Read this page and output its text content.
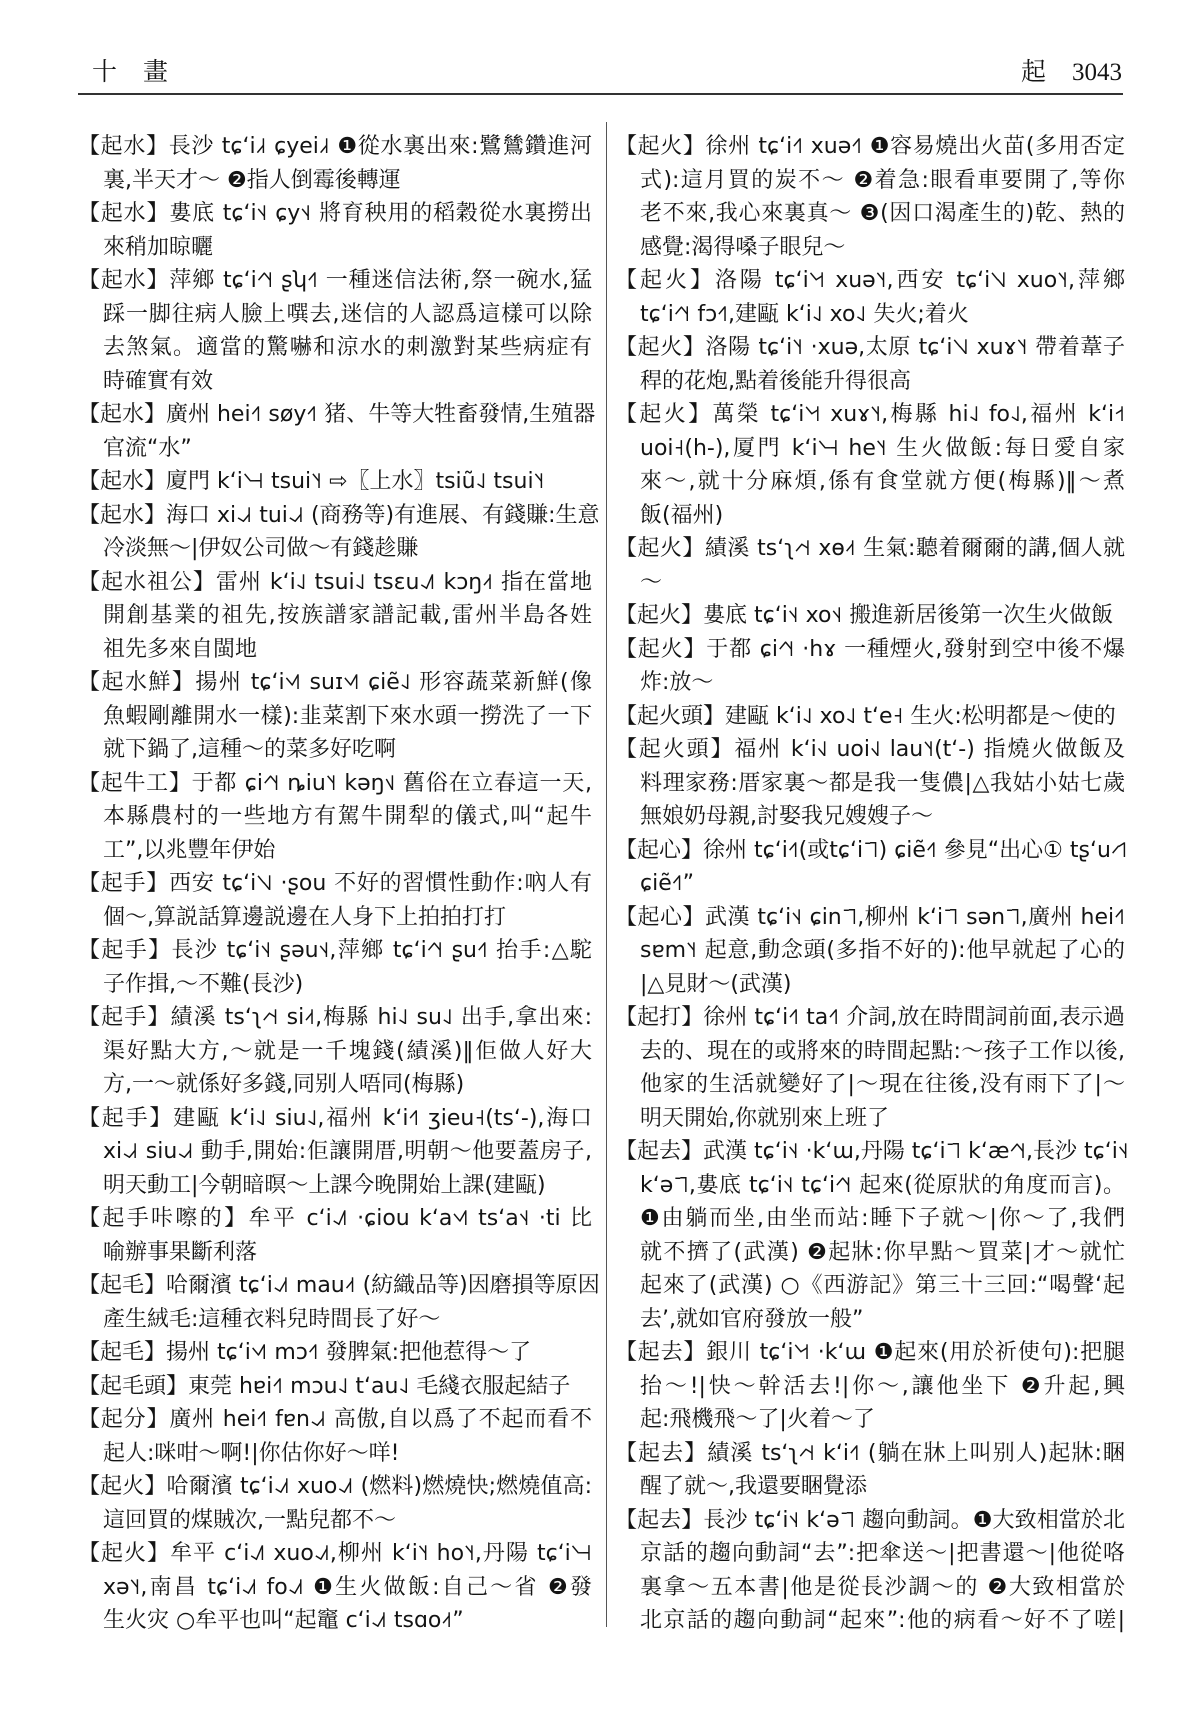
十 畫	起 3043
【起水】長沙 tɕʻi˩˧ ɕyei˩˧ ❶從水裏出來:鷺鷥鑽進河
裏,半天才～ ❷指人倒霉後轉運
【起水】婁底 tɕʻi˦˨ ɕy˦˨ 將育秧用的稻穀從水裏撈出
來稍加晾曬
【起水】萍鄉 tɕʻi˧˥˧ ʂʮ˧˥ 一種迷信法術,祭一碗水,猛
踩一脚往病人臉上噀去,迷信的人認爲這樣可以除
去煞氣。適當的驚嚇和涼水的刺激對某些病症有
時確實有效
【起水】廣州 hei˧˥ søy˧˥ 猪、牛等大牲畜發情,生殖器
官流“水”
【起水】廈門 kʻi˥˧˧ tsui˥˧ ⇨〖上水〗tsiũ˨˩ tsui˥˧
【起水】海口 xi˨˩˧ tui˨˩˧ (商務等)有進展、有錢賺:生意
冷淡無～|伊奴公司做～有錢趁賺
【起水祖公】雷州 kʻi˨˩ tsui˨˩ tsɛu˨˩˥ kɔŋ˨˦ 指在當地
開創基業的祖先,按族譜家譜記載,雷州半島各姓
祖先多來自閩地
【起水鮮】揚州 tɕʻi˦˨˥ suɪ˦˨˥ ɕiẽ˨˩ 形容蔬菜新鮮(像
魚蝦剛離開水一樣):韭菜割下來水頭一撈洗了一下
就下鍋了,這種～的菜多好吃啊
【起牛工】于都 ɕi˧˥˧ ȵiu˥˧ kəŋ˦˩ 舊俗在立春這一天,
本縣農村的一些地方有駕牛開犁的儀式,叫“起牛
工”,以兆豐年伊始
【起手】西安 tɕʻi˥˧˩ ·ʂou 不好的習慣性動作:吶人有
個～,算説話算邊説邊在人身下上拍拍打打
【起手】長沙 tɕʻi˦˨ ʂəu˦˨,萍鄉 tɕʻi˧˥˧ ʂu˧˥ 抬手:△駝
子作揖,～不難(長沙)
【起手】績溪 tsʻʅ˨˦˧ si˨˦,梅縣 hi˨˩ su˨˩ 出手,拿出來:
渠好點大方,～就是一千塊錢(績溪)‖佢做人好大
方,一～就係好多錢,同别人唔同(梅縣)
【起手】建甌 kʻi˨˩ siu˨˩,福州 kʻi˧˥ ʒieu˧(tsʻ-),海口
xi˨˩˧ siu˨˩˧ 動手,開始:佢讓開厝,明朝～他要蓋房子,
明天動工|今朝暗暝～上課今晚開始上課(建甌)
【起手咔嚓的】牟平 cʻi˨˩˥ ·ɕiou kʻa˦˨˥ tsʻa˦˨ ·ti 比
喻辦事果斷利落
【起毛】哈爾濱 tɕʻi˨˩˦ mau˨˦ (紡織品等)因磨損等原因
產生絨毛:這種衣料兒時間長了好～
【起毛】揚州 tɕʻi˦˨˥ mɔ˧˥ 發脾氣:把他惹得～了
【起毛頭】東莞 hɐi˧˥ mɔu˨˩ tʻau˨˩ 毛綫衣服起結子
【起分】廣州 hei˧˥ fɐn˨˩˧ 高傲,自以爲了不起而看不
起人:咪咁～啊!|你估你好～咩!
【起火】哈爾濱 tɕʻi˨˩˦ xuo˨˩˦ (燃料)燃燒快;燃燒值高:
這回買的煤賊次,一點兒都不～
【起火】牟平 cʻi˨˩˥ xuo˨˩˦,柳州 kʻi˥˧ ho˥˧,丹陽 tɕʻi˥˧˧
xə˥˧,南昌 tɕʻi˨˩˦ fo˨˩˦ ❶生火做飯:自己～省 ❷發
生火灾 ○牟平也叫“起竈 cʻi˨˩˦ tsɑo˨˦”
【起火】徐州 tɕʻi˧˥ xuə˧˥ ❶容易燒出火苗(多用否定
式):這月買的炭不～ ❷着急:眼看車要開了,等你
老不來,我心來裏真～ ❸(因口渴產生的)乾、熱的
感覺:渴得嗓子眼兒～
【起火】洛陽 tɕʻi˥˧˦ xuə˥˧,西安 tɕʻi˥˧˩ xuo˥˧,萍鄉
tɕʻi˧˥˧ fɔ˧˥,建甌 kʻi˨˩ xo˨˩ 失火;着火
【起火】洛陽 tɕʻi˥˧ ·xuə,太原 tɕʻi˥˧˩ xuɤ˥˧ 帶着葦子
稈的花炮,點着後能升得很高
【起火】萬榮 tɕʻi˥˧˦ xuɤ˥˧,梅縣 hi˨˩ fo˨˩,福州 kʻi˧˦
uoi˧(h-),厦門 kʻi˥˧˧ he˥˧ 生火做飯:每日愛自家
來～,就十分麻煩,係有食堂就方便(梅縣)‖～煮
飯(福州)
【起火】績溪 tsʻʅ˨˦˧ xɵ˨˦ 生氣:聽着爾爾的講,個人就
～
【起火】婁底 tɕʻi˦˨ xo˦˨ 搬進新居後第一次生火做飯
【起火】于都 ɕi˧˥˧ ·hɤ 一種煙火,發射到空中後不爆
炸:放～
【起火頭】建甌 kʻi˨˩ xo˨˩ tʻe˧ 生火:松明都是～使的
【起火頭】福州 kʻi˧˩ uoi˧˩ lau˥˧(tʻ-) 指燒火做飯及
料理家務:厝家裏～都是我一隻儂|△我姑小姑七歲
無娘奶母親,討娶我兄嫂嫂子～
【起心】徐州 tɕʻi˧˥(或tɕʻi˥˥) ɕiẽ˧˥ 參見“出心① tʂʻu˨˦˥
ɕiẽ˧˥”
【起心】武漢 tɕʻi˦˨ ɕin˥˥,柳州 kʻi˥˥ sən˥˥,廣州 hei˧˥
sɐm˥˧ 起意,動念頭(多指不好的):他早就起了心的
|△見財～(武漢)
【起打】徐州 tɕʻi˧˥ ta˧˥ 介詞,放在時間詞前面,表示過
去的、現在的或將來的時間起點:～孩子工作以後,
他家的生活就變好了|～現在往後,没有雨下了|～
明天開始,你就别來上班了
【起去】武漢 tɕʻi˦˨ ·kʻɯ,丹陽 tɕʻi˥˥ kʻæ˧˥˧,長沙 tɕʻi˦˨
kʻə˥˥,婁底 tɕʻi˦˨ tɕʻi˧˥˧ 起來(從原狀的角度而言)。
❶由躺而坐,由坐而站:睡下子就～|你～了,我們
就不擠了(武漢) ❷起牀:你早點～買菜|才～就忙
起來了(武漢) ○《西游記》第三十三回:“喝聲‘起
去’,就如官府發放一般”
【起去】銀川 tɕʻi˥˧˦ ·kʻɯ ❶起來(用於祈使句):把腿
抬～!|快～幹活去!|你～,讓他坐下 ❷升起,興
起:飛機飛～了|火着～了
【起去】績溪 tsʻʅ˨˦˧ kʻi˧˥ (躺在牀上叫别人)起牀:睏
醒了就～,我還要睏覺添
【起去】長沙 tɕʻi˦˨ kʻə˥˥ 趨向動詞。❶大致相當於北
京話的趨向動詞“去”:把傘送～|把書還～|他從咯
裏拿～五本書|他是從長沙調～的 ❷大致相當於
北京話的趨向動詞“起來”:他的病看～好不了嗟|
